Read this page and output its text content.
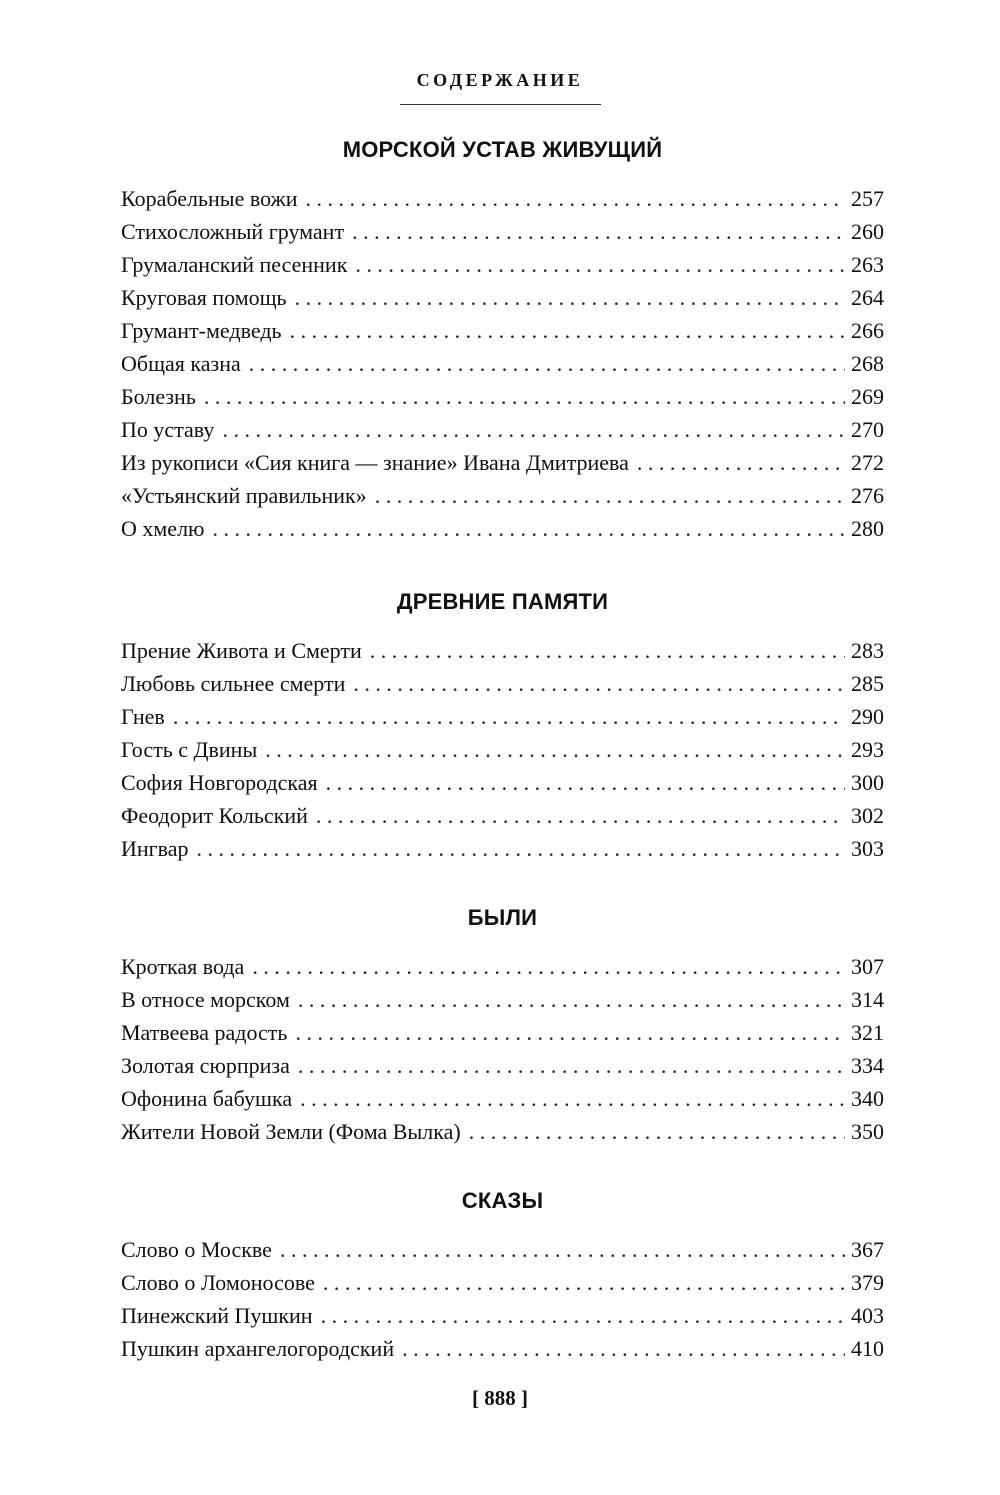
СОДЕРЖАНИЕ
МОРСКОЙ УСТАВ ЖИВУЩИЙ
Корабельные вожи . . .	257
Стихосложный грумант . . .	260
Грумаланский песенник . . .	263
Круговая помощь . . .	264
Грумант-медведь . . .	266
Общая казна . . .	268
Болезнь . . .	269
По уставу . . .	270
Из рукописи «Сия книга — знание» Ивана Дмитриева . . .	272
«Устьянский правильник» . . .	276
О хмелю . . .	280
ДРЕВНИЕ ПАМЯТИ
Прение Живота и Смерти . . .	283
Любовь сильнее смерти . . .	285
Гнев . . .	290
Гость с Двины . . .	293
София Новгородская . . .	300
Феодорит Кольский . . .	302
Ингвар . . .	303
БЫЛИ
Кроткая вода . . .	307
В относе морском . . .	314
Матвеева радость . . .	321
Золотая сюрприза . . .	334
Офонина бабушка . . .	340
Жители Новой Земли (Фома Вылка) . . .	350
СКАЗЫ
Слово о Москве . . .	367
Слово о Ломоносове . . .	379
Пинежский Пушкин . . .	403
Пушкин архангелогородский . . .	410
[ 888 ]
